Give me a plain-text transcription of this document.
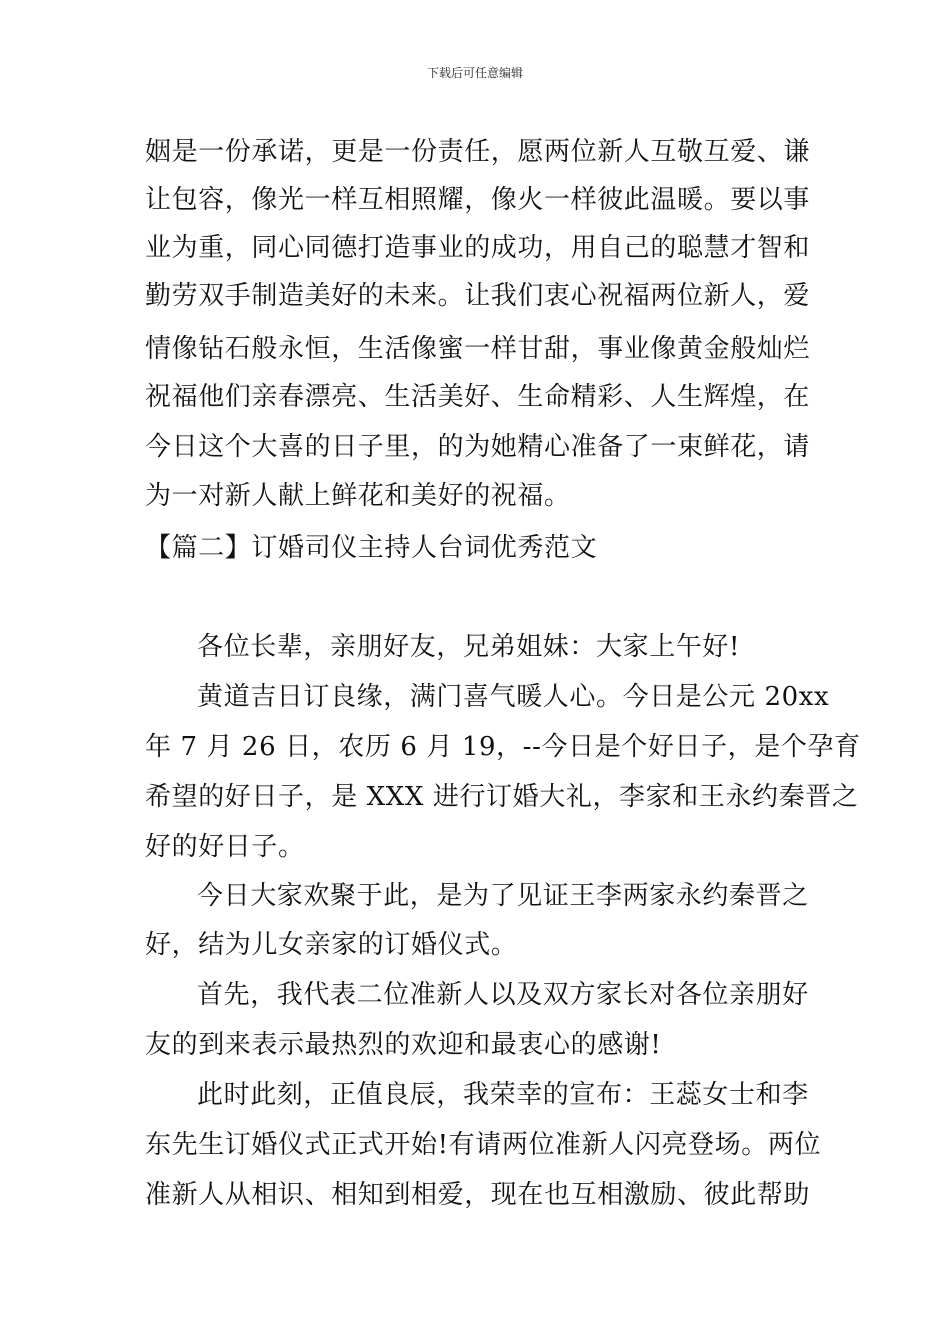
下载后可任意编辑
姻是一份承诺，更是一份责任，愿两位新人互敬互爱、谦
让包容，像光一样互相照耀，像火一样彼此温暖。要以事
业为重，同心同德打造事业的成功，用自己的聪慧才智和
勤劳双手制造美好的未来。让我们衷心祝福两位新人，爱
情像钻石般永恒，生活像蜜一样甘甜，事业像黄金般灿烂
祝福他们亲春漂亮、生活美好、生命精彩、人生辉煌，在
今日这个大喜的日子里，的为她精心准备了一束鲜花，请
为一对新人献上鲜花和美好的祝福。
【篇二】订婚司仪主持人台词优秀范文
各位长辈，亲朋好友，兄弟姐妹：大家上午好!
黄道吉日订良缘，满门喜气暖人心。今日是公元 20xx
年 7 月 26 日，农历 6 月 19，--今日是个好日子，是个孕育
希望的好日子，是 XXX 进行订婚大礼，李家和王永约秦晋之
好的好日子。
今日大家欢聚于此，是为了见证王李两家永约秦晋之
好，结为儿女亲家的订婚仪式。
首先，我代表二位准新人以及双方家长对各位亲朋好
友的到来表示最热烈的欢迎和最衷心的感谢!
此时此刻，正值良辰，我荣幸的宣布：王蕊女士和李
东先生订婚仪式正式开始!有请两位准新人闪亮登场。两位
准新人从相识、相知到相爱，现在也互相激励、彼此帮助
